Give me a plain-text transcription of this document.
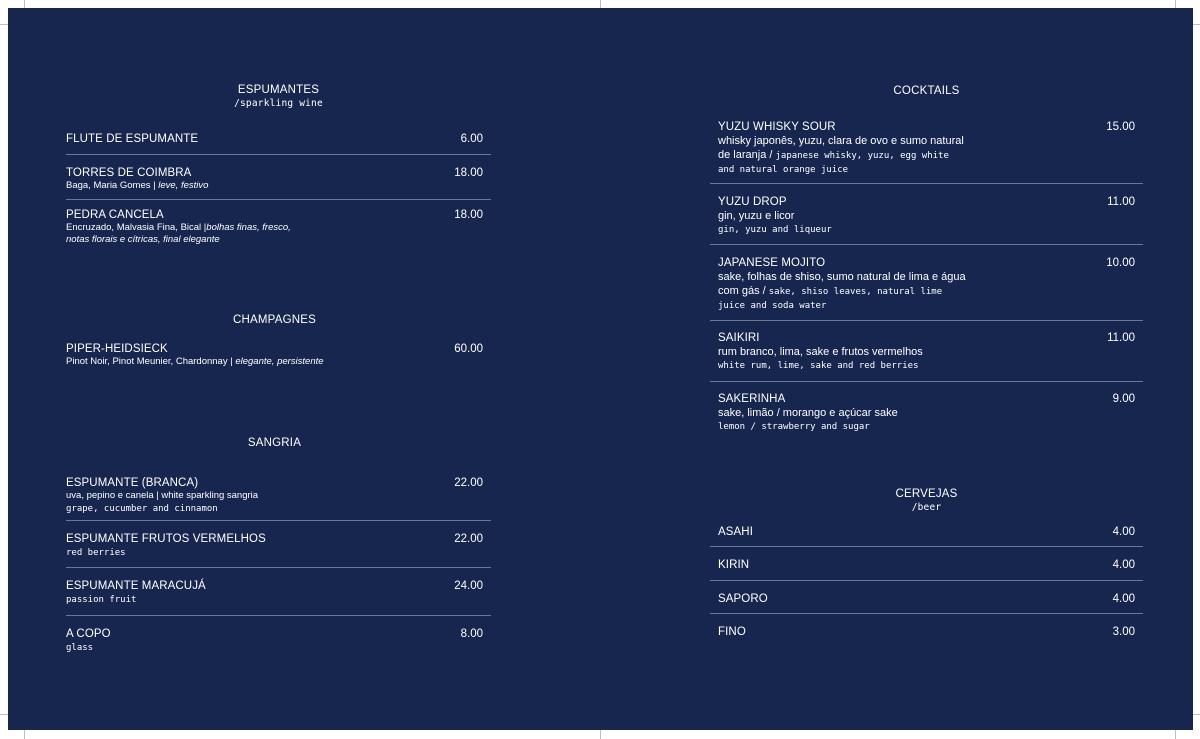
ESPUMANTES
/sparkling wine
FLUTE DE ESPUMANTE	6.00
TORRES DE COIMBRA	18.00
Baga, Maria Gomes | leve, festivo
PEDRA CANCELA	18.00
Encruzado, Malvasia Fina, Bical |bolhas finas, fresco,
notas florais e cítricas, final elegante
CHAMPAGNES
PIPER-HEIDSIECK	60.00
Pinot Noir, Pinot Meunier, Chardonnay | elegante, persistente
SANGRIA
ESPUMANTE (BRANCA)	22.00
uva, pepino e canela | white sparkling sangria
grape, cucumber and cinnamon
ESPUMANTE FRUTOS VERMELHOS	22.00
red berries
ESPUMANTE MARACUJÁ	24.00
passion fruit
A COPO	8.00
glass
COCKTAILS
YUZU WHISKY SOUR	15.00
whisky japonês, yuzu, clara de ovo e sumo natural
de laranja / japanese whisky, yuzu, egg white
and natural orange juice
YUZU DROP	11.00
gin, yuzu e licor
gin, yuzu and liqueur
JAPANESE MOJITO	10.00
sake, folhas de shiso, sumo natural de lima e água
com gás / sake, shiso leaves, natural lime
juice and soda water
SAIKIRI	11.00
rum branco, lima, sake e frutos vermelhos
white rum, lime, sake and red berries
SAKERINHA	9.00
sake, limão / morango e açúcar sake
lemon / strawberry and sugar
CERVEJAS
/beer
ASAHI	4.00
KIRIN	4.00
SAPORO	4.00
FINO	3.00
